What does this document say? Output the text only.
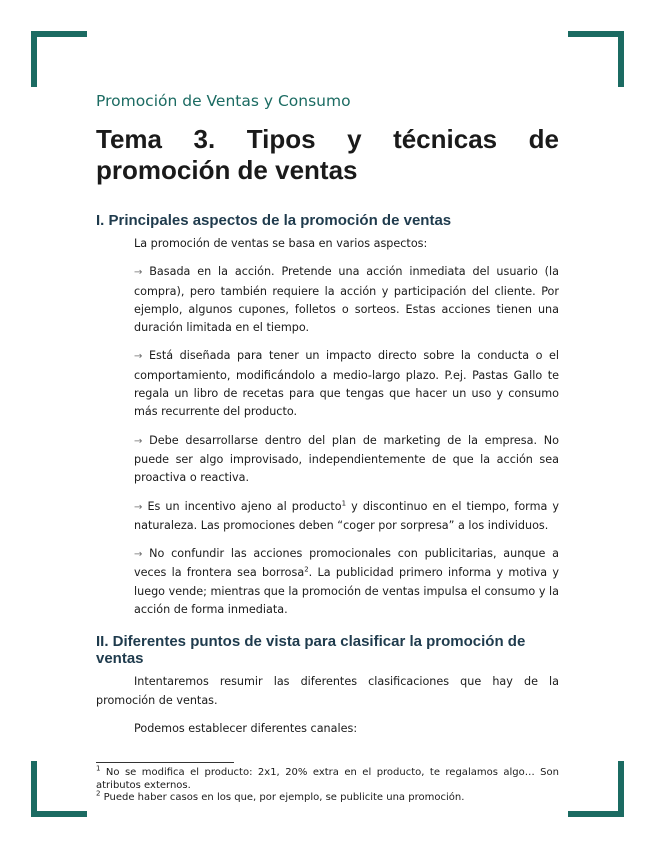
Promoción de Ventas y Consumo
Tema 3. Tipos y técnicas de promoción de ventas
I. Principales aspectos de la promoción de ventas
La promoción de ventas se basa en varios aspectos:
→ Basada en la acción. Pretende una acción inmediata del usuario (la compra), pero también requiere la acción y participación del cliente. Por ejemplo, algunos cupones, folletos o sorteos. Estas acciones tienen una duración limitada en el tiempo.
→ Está diseñada para tener un impacto directo sobre la conducta o el comportamiento, modificándolo a medio-largo plazo. P.ej. Pastas Gallo te regala un libro de recetas para que tengas que hacer un uso y consumo más recurrente del producto.
→ Debe desarrollarse dentro del plan de marketing de la empresa. No puede ser algo improvisado, independientemente de que la acción sea proactiva o reactiva.
→ Es un incentivo ajeno al producto$^1$ y discontinuo en el tiempo, forma y naturaleza. Las promociones deben “coger por sorpresa” a los individuos.
→ No confundir las acciones promocionales con publicitarias, aunque a veces la frontera sea borrosa$^2$. La publicidad primero informa y motiva y luego vende; mientras que la promoción de ventas impulsa el consumo y la acción de forma inmediata.
II. Diferentes puntos de vista para clasificar la promoción de ventas
Intentaremos resumir las diferentes clasificaciones que hay de la promoción de ventas.
Podemos establecer diferentes canales:

$^1$ No se modifica el producto: 2x1, 20% extra en el producto, te regalamos algo… Son atributos externos.

$^2$ Puede haber casos en los que, por ejemplo, se publicite una promoción.
